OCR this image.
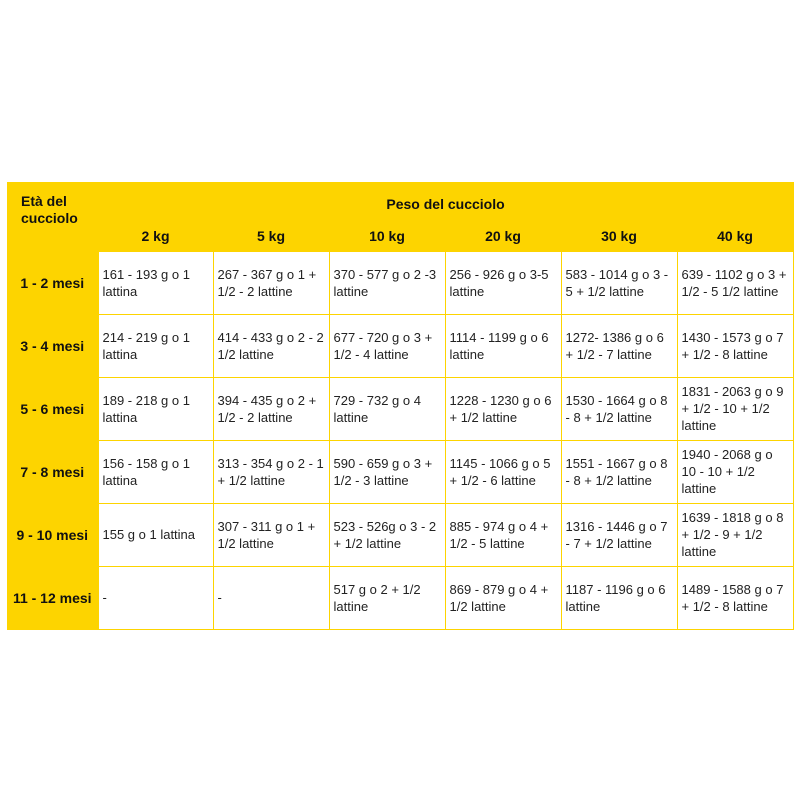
Età del cucciolo	Peso del cucciolo					
	2 kg	5 kg	10 kg	20 kg	30 kg	40 kg
1 - 2 mesi	161 - 193 g o 1 lattina	267 - 367 g o 1 + 1/2 - 2 lattine	370 - 577 g o 2 -3 lattine	256 - 926 g o 3-5 lattine	583 - 1014 g o 3 - 5 + 1/2 lattine	639 - 1102 g o 3 + 1/2 - 5 1/2 lattine
3 - 4 mesi	214 - 219 g o 1 lattina	414 - 433 g o 2 - 2 1/2 lattine	677 - 720 g o 3 + 1/2 - 4 lattine	1114 - 1199 g o 6 lattine	1272- 1386 g o 6 + 1/2 - 7 lattine	1430 - 1573 g o 7 + 1/2 - 8 lattine
5 - 6 mesi	189 - 218 g o 1 lattina	394 - 435 g o 2 + 1/2 - 2 lattine	729 - 732 g o 4 lattine	1228 - 1230 g o 6 + 1/2 lattine	1530 - 1664 g o 8 - 8 + 1/2 lattine	1831 - 2063 g o 9 + 1/2 - 10 + 1/2 lattine
7 - 8 mesi	156 - 158 g o 1 lattina	313 - 354 g o 2 - 1 + 1/2 lattine	590 - 659 g o 3 + 1/2 - 3 lattine	1145 - 1066 g o 5 + 1/2 - 6 lattine	1551 - 1667 g o 8 - 8 + 1/2 lattine	1940 - 2068 g o 10 - 10 + 1/2 lattine
9 - 10 mesi	155 g o 1 lattina	307 - 311 g o 1 + 1/2 lattine	523 - 526g o 3 - 2 + 1/2 lattine	885 - 974 g o 4 + 1/2 - 5 lattine	1316 - 1446 g o 7 - 7 + 1/2 lattine	1639 - 1818 g o 8 + 1/2 - 9 + 1/2 lattine
11 - 12 mesi	-	-	517 g o 2 + 1/2 lattine	869 - 879 g o 4 + 1/2 lattine	1187 - 1196 g o 6 lattine	1489 - 1588 g o 7 + 1/2 - 8 lattine
